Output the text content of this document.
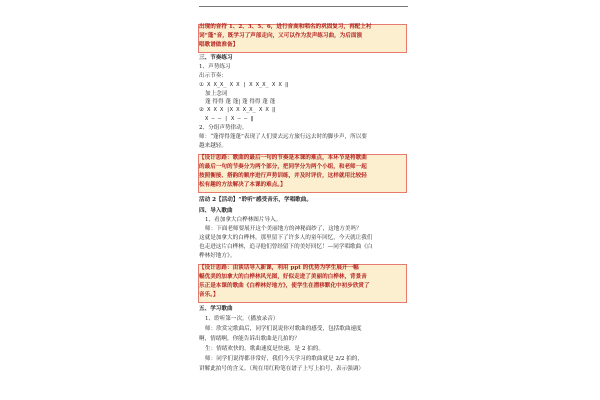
出现的音符 1、2、3、5、6，进行音高和唱名的巩固复习，再配上衬
词“蓬”音，既学习了声部走向，又可以作为发声练习曲，为后面演
唱歌谱做准备】
三、节奏练习
1、声势练习
出示节奏：
① X X̲X̲ X X | X X̲X̲ X X ‖
加上念词
蓬 得得 蓬 蓬| 蓬 得得 蓬 蓬
② X X X |X X X̲X̲ X X ‖
X — — | X — — ‖
2、分组声势律动。
师：“蓬得得蓬蓬”表现了人们要去远方旅行远去时的脚步声，所以要
越来越轻。
【设计思路：歌曲的最后一句的节奏是本课的难点，本环节是将歌曲
的最后一句的节奏分为两个部分，把同学分为两个小组，和老师一起
按照衡接、搭韵的顺序进行声势训练，并及时评价，这样就用比较轻
松有趣的方法解决了本课的难点。】
活动 2【活动】“聆听”感受音乐，学唱歌曲。
四、导入歌曲
1、看加拿大白桦林图片导入。
师：下面老师要展开这个美丽地方的神秘面纱了，这地方美吗？
这就是加拿大的白桦林。那里留下了许多人的童年回忆，今天就让我们
也走进这片白桦林，追寻他们曾经留下的美好回忆！—同学唱歌曲《白
桦林好地方》。
【设计思路：由谈话导入新课，利用 ppt 的优势为学生展开一幅
幅优美的加拿大的白桦林风光图，好似走进了美丽的白桦林，背景音
乐正是本课的歌曲《白桦林好地方》，使学生在潜移默化中初步欣赏了
音乐。】
五、学习歌曲
1、聆听第一次。（播放录音）
师：欣赏完歌曲后，同学们说说你对歌曲的感受，包括歌曲速度
啊，情绪啊，你能告诉出歌曲是几拍的？
生：情绪欢快的，歌曲速度是快速，是 2 拍的。
师：同学们说得都非常好，我们今天学习的歌曲就是 2/2 拍的，
讲解此拍号的含义。（现在用红粉笔在谱子上写上拍号，表示强调）
